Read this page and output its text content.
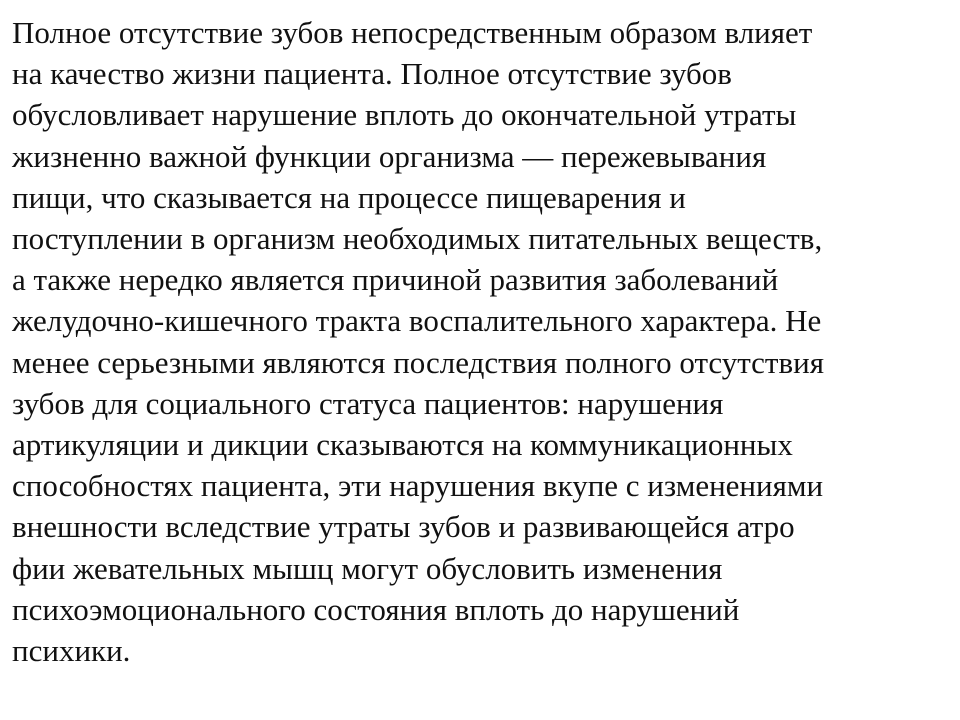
Полное отсутствие зубов непосредственным образом влияет
на качество жизни пациента. Полное отсутствие зубов
обусловливает нарушение вплоть до окончательной утраты
жизненно важной функции организма — пережевывания
пищи, что сказывается на процессе пищеварения и
поступлении в организм необходимых питательных веществ,
а также нередко является причиной развития заболеваний
желудочно-кишечного тракта воспалительного характера. Не
менее серьезными являются последствия полного отсутствия
зубов для социального статуса пациентов: нарушения
артикуляции и дикции сказываются на коммуникационных
способностях пациента, эти нарушения вкупе с изменениями
внешности вследствие утраты зубов и развивающейся атро
фии жевательных мышц могут обусловить изменения
психоэмоционального состояния вплоть до нарушений
психики.
